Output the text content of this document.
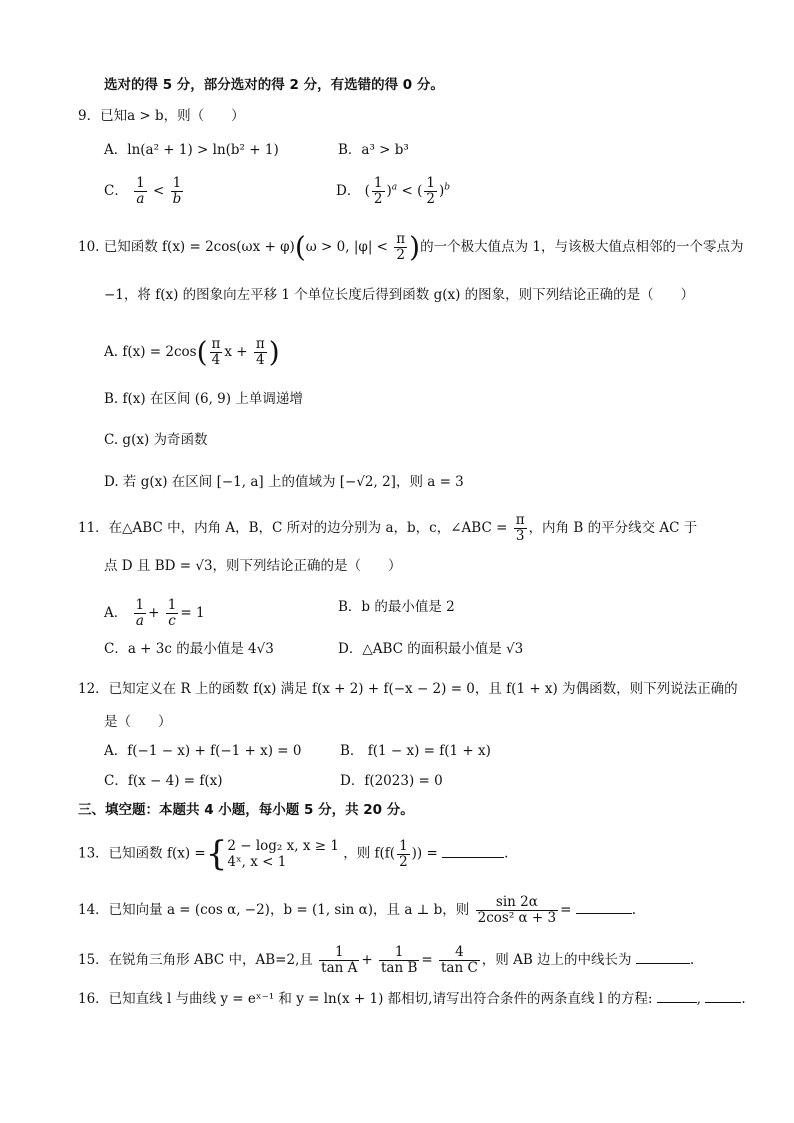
选对的得 5 分，部分选对的得 2 分，有选错的得 0 分。
9．已知a > b，则（　　）
A．ln(a² + 1) > ln(b² + 1)	B．a³ > b³
C． $\frac{1}{a} < \frac{1}{b}$	D． ( $\frac{1}{2} )^a$ < ( $\frac{1}{2} )^b$
10. 已知函数 f(x) = 2cos(ωx + φ)(ω > 0, $|\varphi| < \frac{\pi}{2}$ )的一个极大值点为 1，与该极大值点相邻的一个零点为
−1，将 f(x) 的图象向左平移 1 个单位长度后得到函数 g(x) 的图象，则下列结论正确的是（　　）
A. $f(x) = 2\cos( \frac{\pi}{4}$ $x + \frac{\pi}{4}$ )
B. f(x) 在区间 (6, 9) 上单调递增
C. g(x) 为奇函数
D. 若 g(x) 在区间 [−1, a] 上的值域为 [−√2, 2]，则 a = 3
11．在△ABC 中，内角 A，B，C 所对的边分别为 a，b，c，∠ABC = $\frac{\pi}{3}$ ，内角 B 的平分线交 AC 于
点 D 且 BD = √3，则下列结论正确的是（　　）
A． $\frac{1}{a} + \frac{1}{c} = 1$	B．b 的最小值是 2
C．a + 3c 的最小值是 4√3	D．△ABC 的面积最小值是 √3
12．已知定义在 R 上的函数 f(x) 满足 f(x + 2) + f(−x − 2) = 0，且 f(1 + x) 为偶函数，则下列说法正确的
是（　　）
A．f(−1 − x) + f(−1 + x) = 0	B． f(1 − x) = f(1 + x)
C．f(x − 4) = f(x)	D．f(2023) = 0
三、填空题：本题共 4 小题，每小题 5 分，共 20 分。
13．已知函数 f(x) ={ 2 − log₂ x, x ≥ 1
4ˣ, x < 1
，则 $f(f( \frac{1}{2}$ )) =	.
14．已知向量 a = (cos α, −2)，b = (1, sin α)，且 a ⊥ b，则 $\frac{\sin 2\alpha}{\text{2cos² α + 3}}$ =	.
15．在锐角三角形 ABC 中，AB=2,且 $\frac{1}{\text{tan A}} + \frac{1}{\text{tan B}} = \frac{4}{\text{tan C}}$ ，则 AB 边上的中线长为	.
16．已知直线 l 与曲线 y = eˣ⁻¹ 和 y = ln(x + 1) 都相切,请写出符合条件的两条直线 l 的方程:	,	.
